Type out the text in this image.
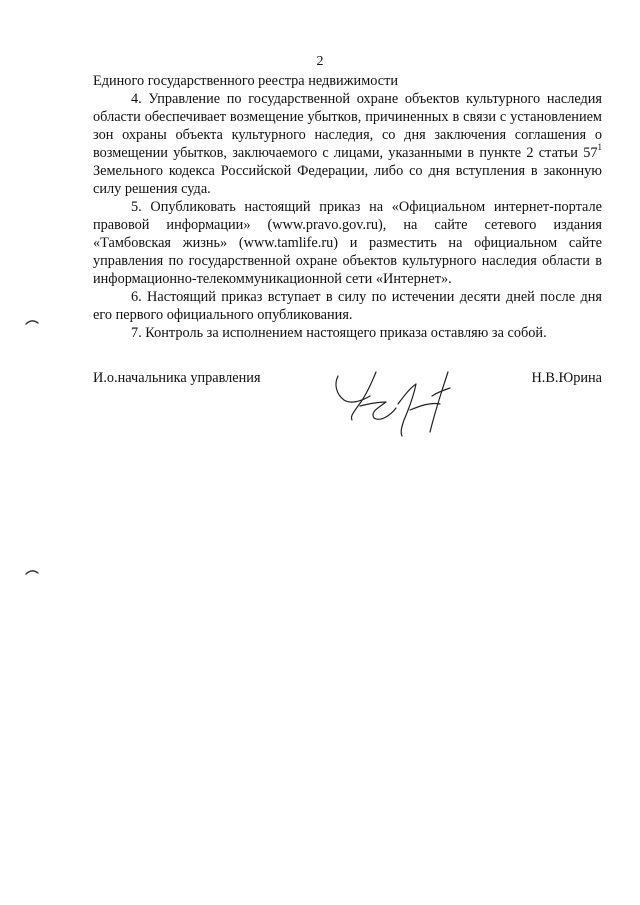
2

Единого государственного реестра недвижимости

4. Управление по государственной охране объектов культурного наследия области обеспечивает возмещение убытков, причиненных в связи с установлением зон охраны объекта культурного наследия, со дня заключения соглашения о возмещении убытков, заключаемого с лицами, указанными в пункте 2 статьи $57^1$ Земельного кодекса Российской Федерации, либо со дня вступления в законную силу решения суда.

5. Опубликовать настоящий приказ на «Официальном интернет-портале правовой информации» (www.pravo.gov.ru), на сайте сетевого издания «Тамбовская жизнь» (www.tamlife.ru) и разместить на официальном сайте управления по государственной охране объектов культурного наследия области в информационно-телекоммуникационной сети «Интернет».

6. Настоящий приказ вступает в силу по истечении десяти дней после дня его первого официального опубликования.

7. Контроль за исполнением настоящего приказа оставляю за собой.

И.о.начальника управления	Н.В.Юрина
